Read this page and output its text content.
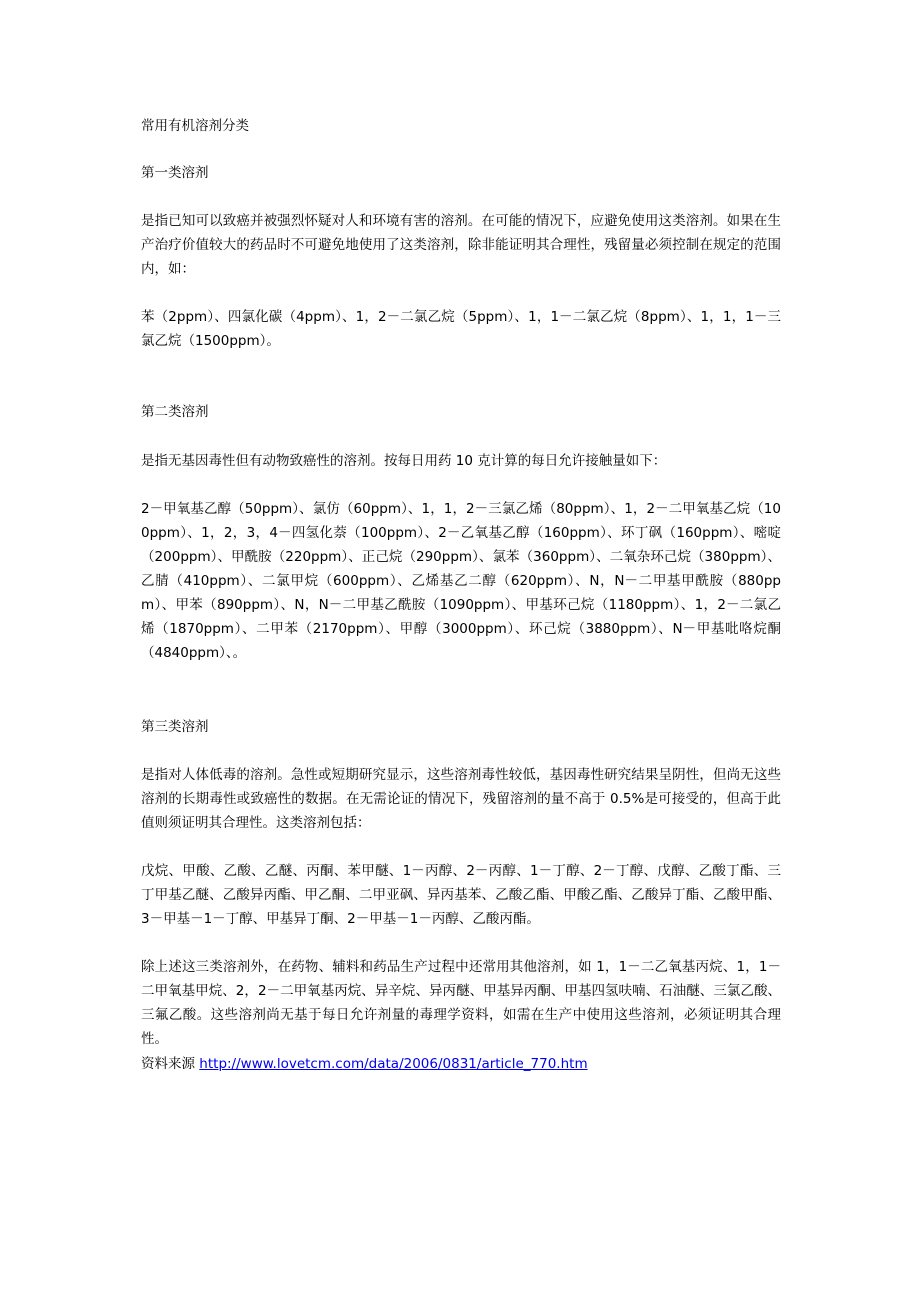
常用有机溶剂分类

第一类溶剂

是指已知可以致癌并被强烈怀疑对人和环境有害的溶剂。在可能的情况下，应避免使用这类溶剂。如果在生产治疗价值较大的药品时不可避免地使用了这类溶剂，除非能证明其合理性，残留量必须控制在规定的范围内，如：

苯（2ppm）、四氯化碳（4ppm）、1，2－二氯乙烷（5ppm）、1，1－二氯乙烷（8ppm）、1，1，1－三氯乙烷（1500ppm）。

第二类溶剂

是指无基因毒性但有动物致癌性的溶剂。按每日用药 10 克计算的每日允许接触量如下：

2－甲氧基乙醇（50ppm）、氯仿（60ppm）、1，1，2－三氯乙烯（80ppm）、1，2－二甲氧基乙烷（100ppm）、1，2，3，4－四氢化萘（100ppm）、2－乙氧基乙醇（160ppm）、环丁砜（160ppm）、嘧啶（200ppm）、甲酰胺（220ppm）、正己烷（290ppm）、氯苯（360ppm）、二氧杂环己烷（380ppm）、乙腈（410ppm）、二氯甲烷（600ppm）、乙烯基乙二醇（620ppm）、N，N－二甲基甲酰胺（880ppm）、甲苯（890ppm）、N，N－二甲基乙酰胺（1090ppm）、甲基环己烷（1180ppm）、1，2－二氯乙烯（1870ppm）、二甲苯（2170ppm）、甲醇（3000ppm）、环己烷（3880ppm）、N－甲基吡咯烷酮（4840ppm）、。

第三类溶剂

是指对人体低毒的溶剂。急性或短期研究显示，这些溶剂毒性较低，基因毒性研究结果呈阴性，但尚无这些溶剂的长期毒性或致癌性的数据。在无需论证的情况下，残留溶剂的量不高于 0.5%是可接受的，但高于此值则须证明其合理性。这类溶剂包括：

戊烷、甲酸、乙酸、乙醚、丙酮、苯甲醚、1－丙醇、2－丙醇、1－丁醇、2－丁醇、戊醇、乙酸丁酯、三丁甲基乙醚、乙酸异丙酯、甲乙酮、二甲亚砜、异丙基苯、乙酸乙酯、甲酸乙酯、乙酸异丁酯、乙酸甲酯、3－甲基－1－丁醇、甲基异丁酮、2－甲基－1－丙醇、乙酸丙酯。

除上述这三类溶剂外，在药物、辅料和药品生产过程中还常用其他溶剂，如 1，1－二乙氧基丙烷、1，1－二甲氧基甲烷、2，2－二甲氧基丙烷、异辛烷、异丙醚、甲基异丙酮、甲基四氢呋喃、石油醚、三氯乙酸、三氟乙酸。这些溶剂尚无基于每日允许剂量的毒理学资料，如需在生产中使用这些溶剂，必须证明其合理性。

资料来源 http://www.lovetcm.com/data/2006/0831/article_770.htm
